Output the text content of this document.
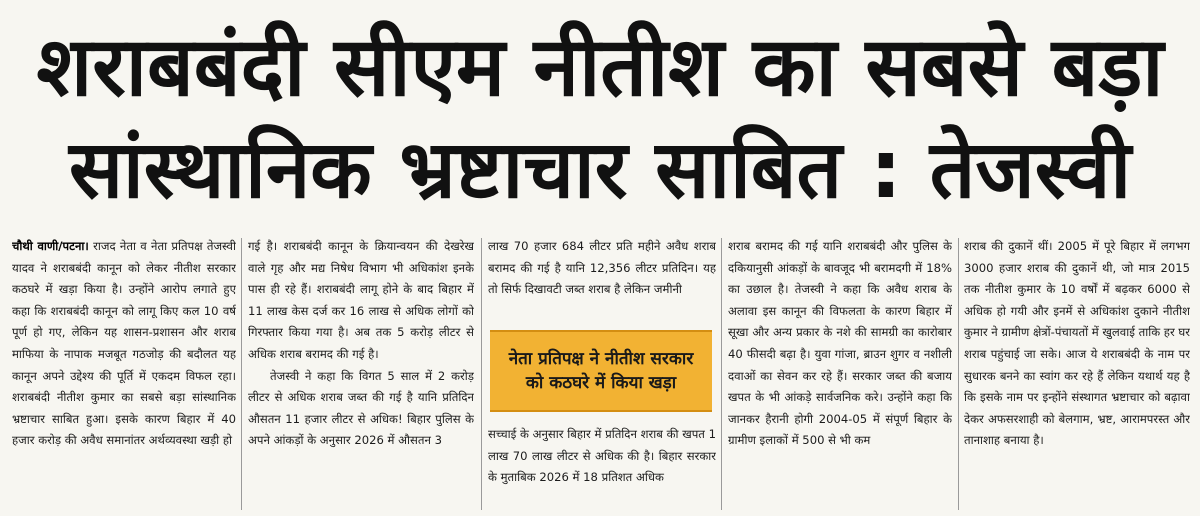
शराबबंदी सीएम नीतीश का सबसे बड़ा
सांस्थानिक भ्रष्टाचार साबित : तेजस्वी

चौथी वाणी/पटना। राजद नेता व नेता प्रतिपक्ष तेजस्वी यादव ने शराबबंदी कानून को लेकर नीतीश सरकार कठघरे में खड़ा किया है। उन्होंने आरोप लगाते हुए कहा कि शराबबंदी कानून को लागू किए कल 10 वर्ष पूर्ण हो गए, लेकिन यह शासन-प्रशासन और शराब माफिया के नापाक मजबूत गठजोड़ की बदौलत यह कानून अपने उद्देश्य की पूर्ति में एकदम विफल रहा। शराबबंदी नीतीश कुमार का सबसे बड़ा सांस्थानिक भ्रष्टाचार साबित हुआ। इसके कारण बिहार में 40 हजार करोड़ की अवैध समानांतर अर्थव्यवस्था खड़ी हो

गई है। शराबबंदी कानून के क्रियान्वयन की देखरेख वाले गृह और मद्य निषेध विभाग भी अधिकांश इनके पास ही रहे हैं। शराबबंदी लागू होने के बाद बिहार में 11 लाख केस दर्ज कर 16 लाख से अधिक लोगों को गिरफ्तार किया गया है। अब तक 5 करोड़ लीटर से अधिक शराब बरामद की गई है।

तेजस्वी ने कहा कि विगत 5 साल में 2 करोड़ लीटर से अधिक शराब जब्त की गई है यानि प्रतिदिन औसतन 11 हजार लीटर से अधिक! बिहार पुलिस के अपने आंकड़ों के अनुसार 2026 में औसतन 3

लाख 70 हजार 684 लीटर प्रति महीने अवैध शराब बरामद की गई है यानि 12,356 लीटर प्रतिदिन। यह तो सिर्फ दिखावटी जब्त शराब है लेकिन जमीनी
नेता प्रतिपक्ष ने नीतीश सरकार को कठघरे में किया खड़ा
सच्चाई के अनुसार बिहार में प्रतिदिन शराब की खपत 1 लाख 70 लाख लीटर से अधिक की है। बिहार सरकार के मुताबिक 2026 में 18 प्रतिशत अधिक

शराब बरामद की गई यानि शराबबंदी और पुलिस के दकियानुसी आंकड़ों के बावजूद भी बरामदगी में 18% का उछाल है। तेजस्वी ने कहा कि अवैध शराब के अलावा इस कानून की विफलता के कारण बिहार में सूखा और अन्य प्रकार के नशे की सामग्री का कारोबार 40 फीसदी बढ़ा है। युवा गांजा, ब्राउन शुगर व नशीली दवाओं का सेवन कर रहे हैं। सरकार जब्त की बजाय खपत के भी आंकड़े सार्वजनिक करे। उन्होंने कहा कि जानकर हैरानी होगी 2004-05 में संपूर्ण बिहार के ग्रामीण इलाकों में 500 से भी कम

शराब की दुकानें थीं। 2005 में पूरे बिहार में लगभग 3000 हजार शराब की दुकानें थी, जो मात्र 2015 तक नीतीश कुमार के 10 वर्षों में बढ़कर 6000 से अधिक हो गयी और इनमें से अधिकांश दुकाने नीतीश कुमार ने ग्रामीण क्षेत्रों-पंचायतों में खुलवाई ताकि हर घर शराब पहुंचाई जा सके। आज ये शराबबंदी के नाम पर सुधारक बनने का स्वांग कर रहे हैं लेकिन यथार्थ यह है कि इसके नाम पर इन्होंने संस्थागत भ्रष्टाचार को बढ़ावा देकर अफसरशाही को बेलगाम, भ्रष्ट, आरामपरस्त और तानाशाह बनाया है।
